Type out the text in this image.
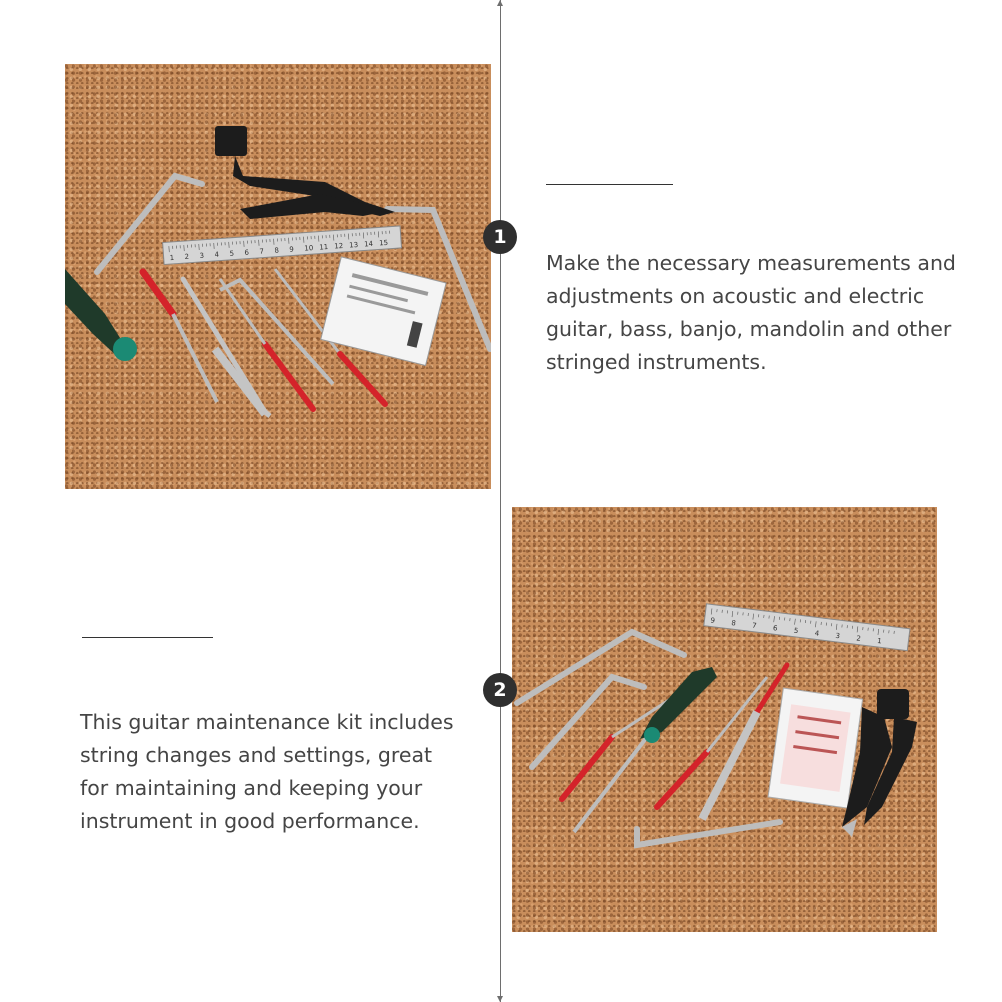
1 2 3 4 5 6 7 8 9 10 11 12 13 14 15	1
Make the necessary measurements and adjustments on acoustic and electric guitar, bass, banjo, mandolin and other stringed instruments.
9 8 7 6 5 4 3 2 1
2
This guitar maintenance kit includes string changes and settings, great for maintaining and keeping your instrument in good performance.
